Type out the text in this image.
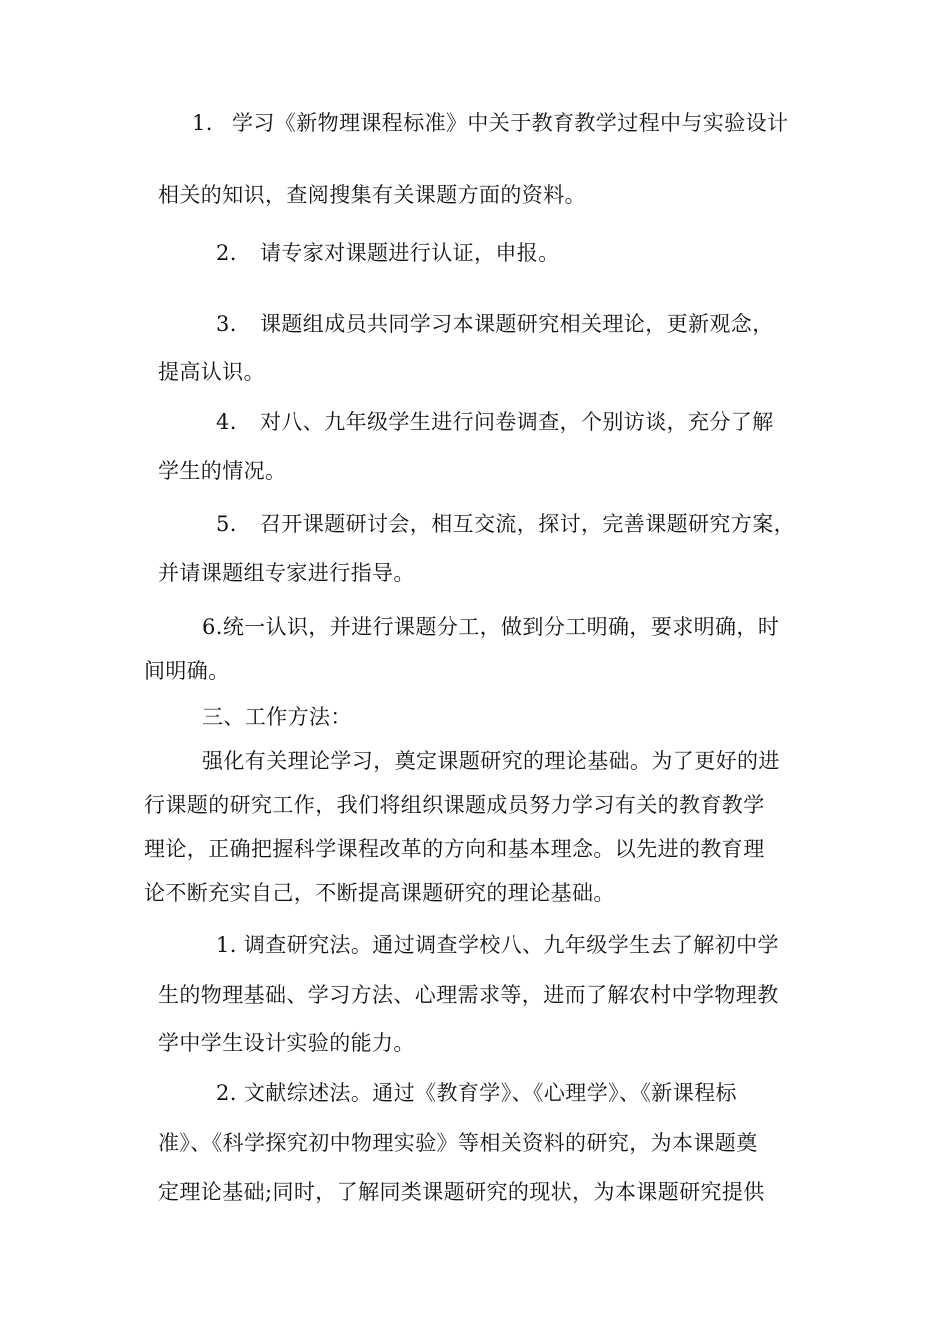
1. 学习《新物理课程标准》中关于教育教学过程中与实验设计
相关的知识，查阅搜集有关课题方面的资料。
2. 请专家对课题进行认证，申报。
3. 课题组成员共同学习本课题研究相关理论，更新观念，
提高认识。
4. 对八、九年级学生进行问卷调查，个别访谈，充分了解
学生的情况。
5. 召开课题研讨会，相互交流，探讨，完善课题研究方案，
并请课题组专家进行指导。
6.统一认识，并进行课题分工，做到分工明确，要求明确，时
间明确。
三、工作方法：
强化有关理论学习，奠定课题研究的理论基础。为了更好的进
行课题的研究工作，我们将组织课题成员努力学习有关的教育教学
理论，正确把握科学课程改革的方向和基本理念。以先进的教育理
论不断充实自己，不断提高课题研究的理论基础。
1. 调查研究法。通过调查学校八、九年级学生去了解初中学
生的物理基础、学习方法、心理需求等，进而了解农村中学物理教
学中学生设计实验的能力。
2. 文献综述法。通过《教育学》、《心理学》、《新课程标
准》、《科学探究初中物理实验》等相关资料的研究，为本课题奠
定理论基础;同时，了解同类课题研究的现状，为本课题研究提供
